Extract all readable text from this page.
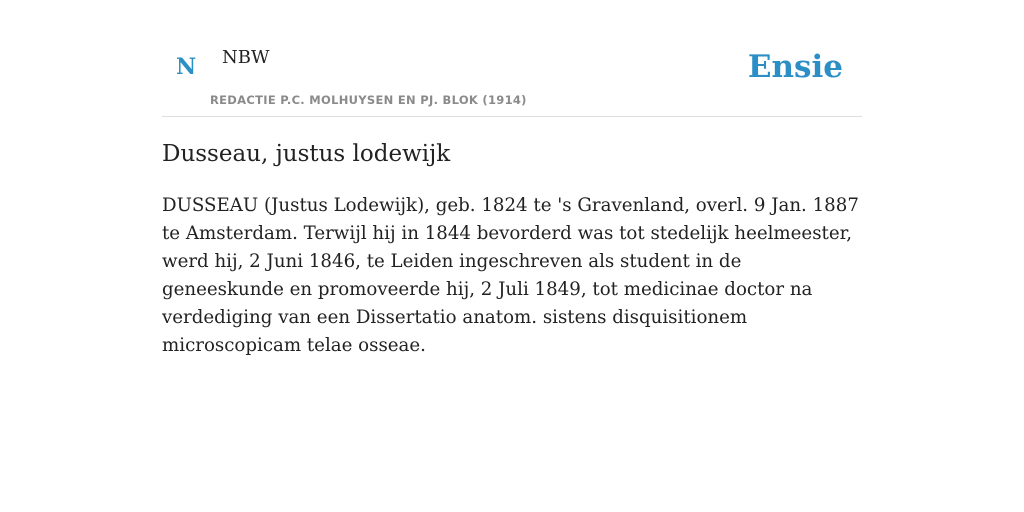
N NBW
REDACTIE P.C. MOLHUYSEN EN PJ. BLOK (1914)
Ensie
Dusseau, justus lodewijk

DUSSEAU (Justus Lodewijk), geb. 1824 te 's Gravenland, overl. 9 Jan. 1887 te Amsterdam. Terwijl hij in 1844 bevorderd was tot stedelijk heelmeester, werd hij, 2 Juni 1846, te Leiden ingeschreven als student in de geneeskunde en promoveerde hij, 2 Juli 1849, tot medicinae doctor na verdediging van een Dissertatio anatom. sistens disquisitionem microscopicam telae osseae.
